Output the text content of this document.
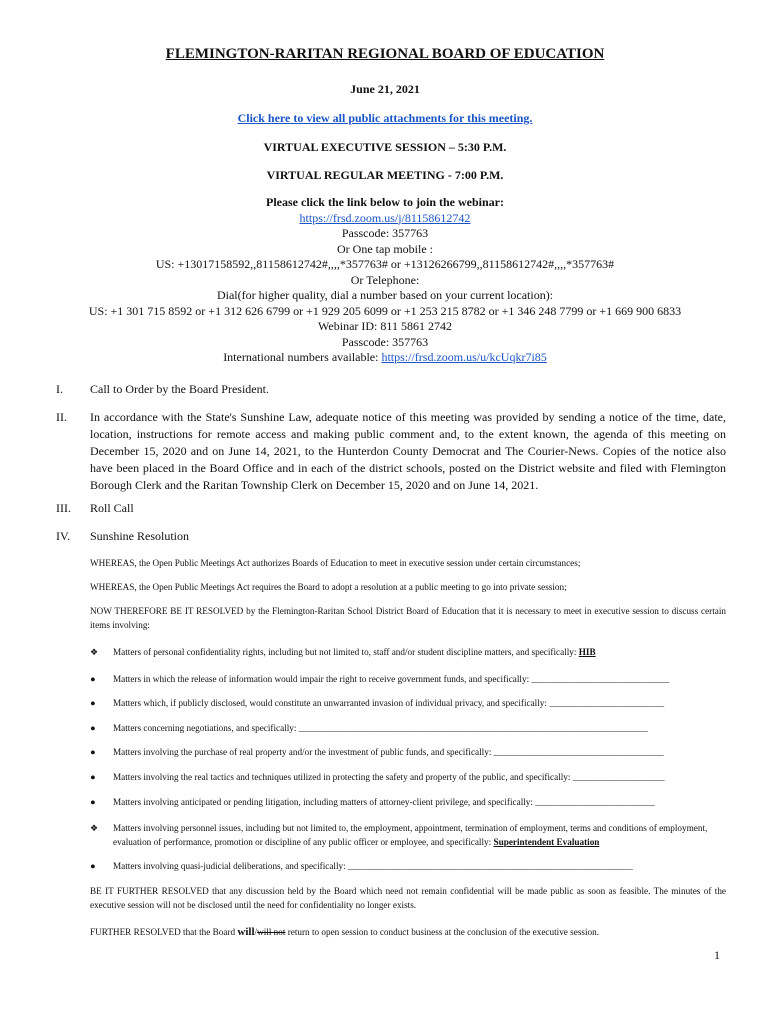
FLEMINGTON-RARITAN REGIONAL BOARD OF EDUCATION
June 21, 2021
Click here to view all public attachments for this meeting.
VIRTUAL EXECUTIVE SESSION – 5:30 P.M.
VIRTUAL REGULAR MEETING - 7:00 P.M.
Please click the link below to join the webinar:
https://frsd.zoom.us/j/81158612742
Passcode: 357763
Or One tap mobile :
US: +13017158592,,81158612742#,,,,*357763# or +13126266799,,81158612742#,,,,*357763#
Or Telephone:
Dial(for higher quality, dial a number based on your current location):
US: +1 301 715 8592 or +1 312 626 6799 or +1 929 205 6099 or +1 253 215 8782 or +1 346 248 7799 or +1 669 900 6833
Webinar ID: 811 5861 2742
Passcode: 357763
International numbers available: https://frsd.zoom.us/u/kcUqkr7i85
I.	Call to Order by the Board President.
II.	In accordance with the State's Sunshine Law, adequate notice of this meeting was provided by sending a notice of the time, date, location, instructions for remote access and making public comment and, to the extent known, the agenda of this meeting on December 15, 2020 and on June 14, 2021, to the Hunterdon County Democrat and The Courier-News. Copies of the notice also have been placed in the Board Office and in each of the district schools, posted on the District website and filed with Flemington Borough Clerk and the Raritan Township Clerk on December 15, 2020 and on June 14, 2021.
III.	Roll Call
IV.	Sunshine Resolution
WHEREAS, the Open Public Meetings Act authorizes Boards of Education to meet in executive session under certain circumstances;
WHEREAS, the Open Public Meetings Act requires the Board to adopt a resolution at a public meeting to go into private session;
NOW THEREFORE BE IT RESOLVED by the Flemington-Raritan School District Board of Education that it is necessary to meet in executive session to discuss certain items involving:
❖	Matters of personal confidentiality rights, including but not limited to, staff and/or student discipline matters, and specifically: HIB
●	Matters in which the release of information would impair the right to receive government funds, and specifically: ______________________________
●	Matters which, if publicly disclosed, would constitute an unwarranted invasion of individual privacy, and specifically: _________________________
●	Matters concerning negotiations, and specifically: ____________________________________________________________________________
●	Matters involving the purchase of real property and/or the investment of public funds, and specifically: _____________________________________
●	Matters involving the real tactics and techniques utilized in protecting the safety and property of the public, and specifically: ____________________
●	Matters involving anticipated or pending litigation, including matters of attorney-client privilege, and specifically: __________________________
❖	Matters involving personnel issues, including but not limited to, the employment, appointment, termination of employment, terms and conditions of employment, evaluation of performance, promotion or discipline of any public officer or employee, and specifically: Superintendent Evaluation
●	Matters involving quasi-judicial deliberations, and specifically: ______________________________________________________________
BE IT FURTHER RESOLVED that any discussion held by the Board which need not remain confidential will be made public as soon as feasible. The minutes of the executive session will not be disclosed until the need for confidentiality no longer exists.
FURTHER RESOLVED that the Board will/will not return to open session to conduct business at the conclusion of the executive session.
1
